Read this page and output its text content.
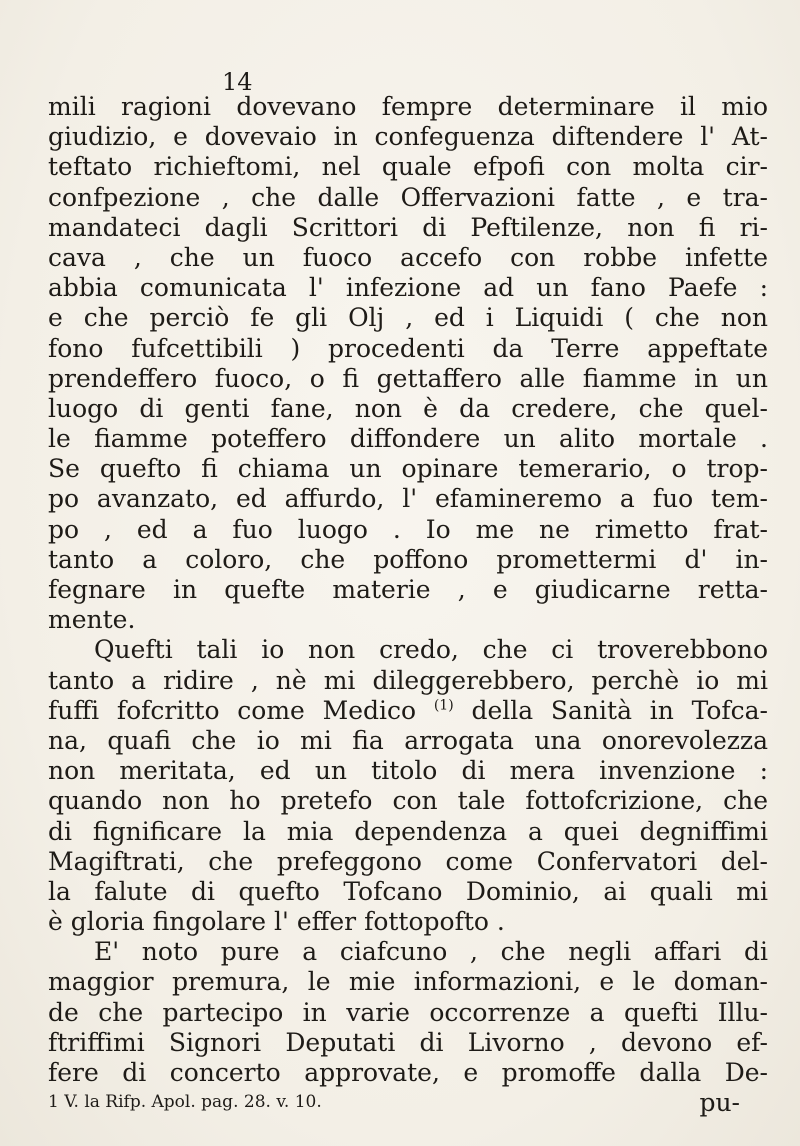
14
mili ragioni dovevano fempre determinare il mio
giudizio, e dovevaio in confeguenza diftendere l' At-
teftato richieftomi, nel quale efpofi con molta cir-
confpezione , che dalle Offervazioni fatte , e tra-
mandateci dagli Scrittori di Peftilenze, non fi ri-
cava , che un fuoco accefo con robbe infette
abbia comunicata l' infezione ad un fano Paefe :
e che perciò fe gli Olj , ed i Liquidi ( che non
fono fufcettibili ) procedenti da Terre appeftate
prendeffero fuoco, o fi gettaffero alle fiamme in un
luogo di genti fane, non è da credere, che quel-
le fiamme poteffero diffondere un alito mortale .
Se quefto fi chiama un opinare temerario, o trop-
po avanzato, ed affurdo, l' efamineremo a fuo tem-
po , ed a fuo luogo . Io me ne rimetto frat-
tanto a coloro, che poffono promettermi d' in-
fegnare in quefte materie , e giudicarne retta-
mente.
Quefti tali io non credo, che ci troverebbono
tanto a ridire , nè mi dileggerebbero, perchè io mi
fuffi fofcritto come Medico $^{(1)}$ della Sanità in Tofca-
na, quafi che io mi fia arrogata una onorevolezza
non meritata, ed un titolo di mera invenzione :
quando non ho pretefo con tale fottofcrizione, che
di fignificare la mia dependenza a quei degniffimi
Magiftrati, che prefeggono come Confervatori del-
la falute di quefto Tofcano Dominio, ai quali mi
è gloria fingolare l' effer fottopofto .
E' noto pure a ciafcuno , che negli affari di
maggior premura, le mie informazioni, e le doman-
de che partecipo in varie occorrenze a quefti Illu-
ftriffimi Signori Deputati di Livorno , devono ef-
fere di concerto approvate, e promoffe dalla De-
pu-
1 V. la Rifp. Apol. pag. 28. v. 10.
